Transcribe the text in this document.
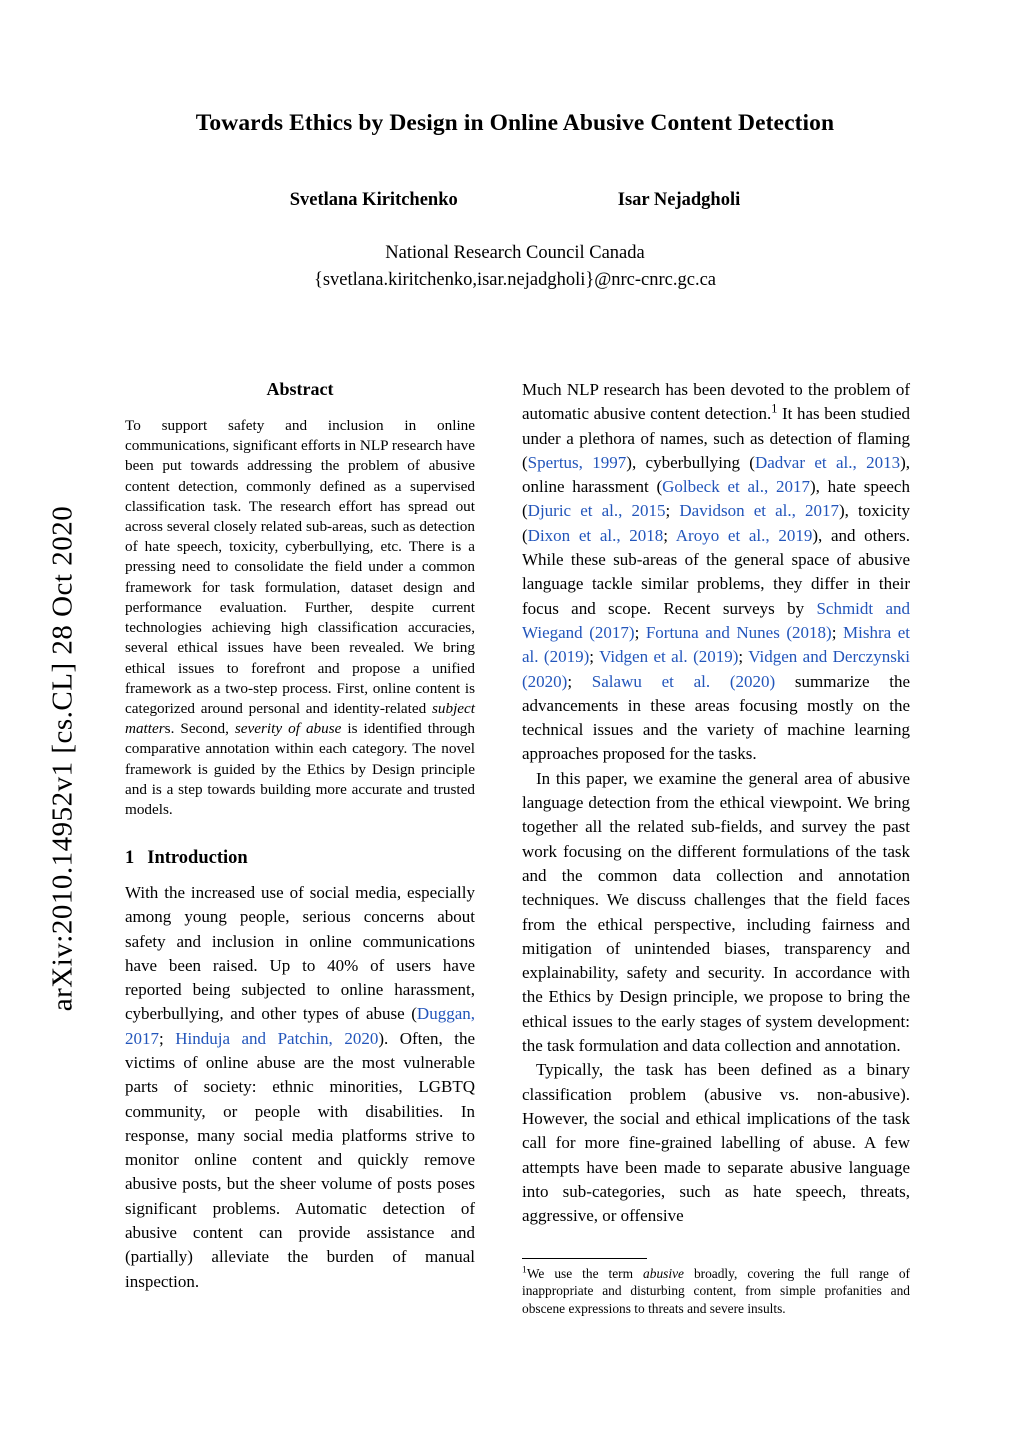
arXiv:2010.14952v1 [cs.CL] 28 Oct 2020
Towards Ethics by Design in Online Abusive Content Detection
Svetlana Kiritchenko	Isar Nejadgholi
National Research Council Canada
{svetlana.kiritchenko,isar.nejadgholi}@nrc-cnrc.gc.ca
Abstract

To support safety and inclusion in online communications, significant efforts in NLP research have been put towards addressing the problem of abusive content detection, commonly defined as a supervised classification task. The research effort has spread out across several closely related sub-areas, such as detection of hate speech, toxicity, cyberbullying, etc. There is a pressing need to consolidate the field under a common framework for task formulation, dataset design and performance evaluation. Further, despite current technologies achieving high classification accuracies, several ethical issues have been revealed. We bring ethical issues to forefront and propose a unified framework as a two-step process. First, online content is categorized around personal and identity-related subject matters. Second, severity of abuse is identified through comparative annotation within each category. The novel framework is guided by the Ethics by Design principle and is a step towards building more accurate and trusted models.

1 Introduction

With the increased use of social media, especially among young people, serious concerns about safety and inclusion in online communications have been raised. Up to 40% of users have reported being subjected to online harassment, cyberbullying, and other types of abuse (Duggan, 2017; Hinduja and Patchin, 2020). Often, the victims of online abuse are the most vulnerable parts of society: ethnic minorities, LGBTQ community, or people with disabilities. In response, many social media platforms strive to monitor online content and quickly remove abusive posts, but the sheer volume of posts poses significant problems. Automatic detection of abusive content can provide assistance and (partially) alleviate the burden of manual inspection.

Much NLP research has been devoted to the problem of automatic abusive content detection.$^1$ It has been studied under a plethora of names, such as detection of flaming (Spertus, 1997), cyberbullying (Dadvar et al., 2013), online harassment (Golbeck et al., 2017), hate speech (Djuric et al., 2015; Davidson et al., 2017), toxicity (Dixon et al., 2018; Aroyo et al., 2019), and others. While these sub-areas of the general space of abusive language tackle similar problems, they differ in their focus and scope. Recent surveys by Schmidt and Wiegand (2017); Fortuna and Nunes (2018); Mishra et al. (2019); Vidgen et al. (2019); Vidgen and Derczynski (2020); Salawu et al. (2020) summarize the advancements in these areas focusing mostly on the technical issues and the variety of machine learning approaches proposed for the tasks.

In this paper, we examine the general area of abusive language detection from the ethical viewpoint. We bring together all the related sub-fields, and survey the past work focusing on the different formulations of the task and the common data collection and annotation techniques. We discuss challenges that the field faces from the ethical perspective, including fairness and mitigation of unintended biases, transparency and explainability, safety and security. In accordance with the Ethics by Design principle, we propose to bring the ethical issues to the early stages of system development: the task formulation and data collection and annotation.

Typically, the task has been defined as a binary classification problem (abusive vs. non-abusive). However, the social and ethical implications of the task call for more fine-grained labelling of abuse. A few attempts have been made to separate abusive language into sub-categories, such as hate speech, threats, aggressive, or offensive

$^1$We use the term abusive broadly, covering the full range of inappropriate and disturbing content, from simple profanities and obscene expressions to threats and severe insults.
